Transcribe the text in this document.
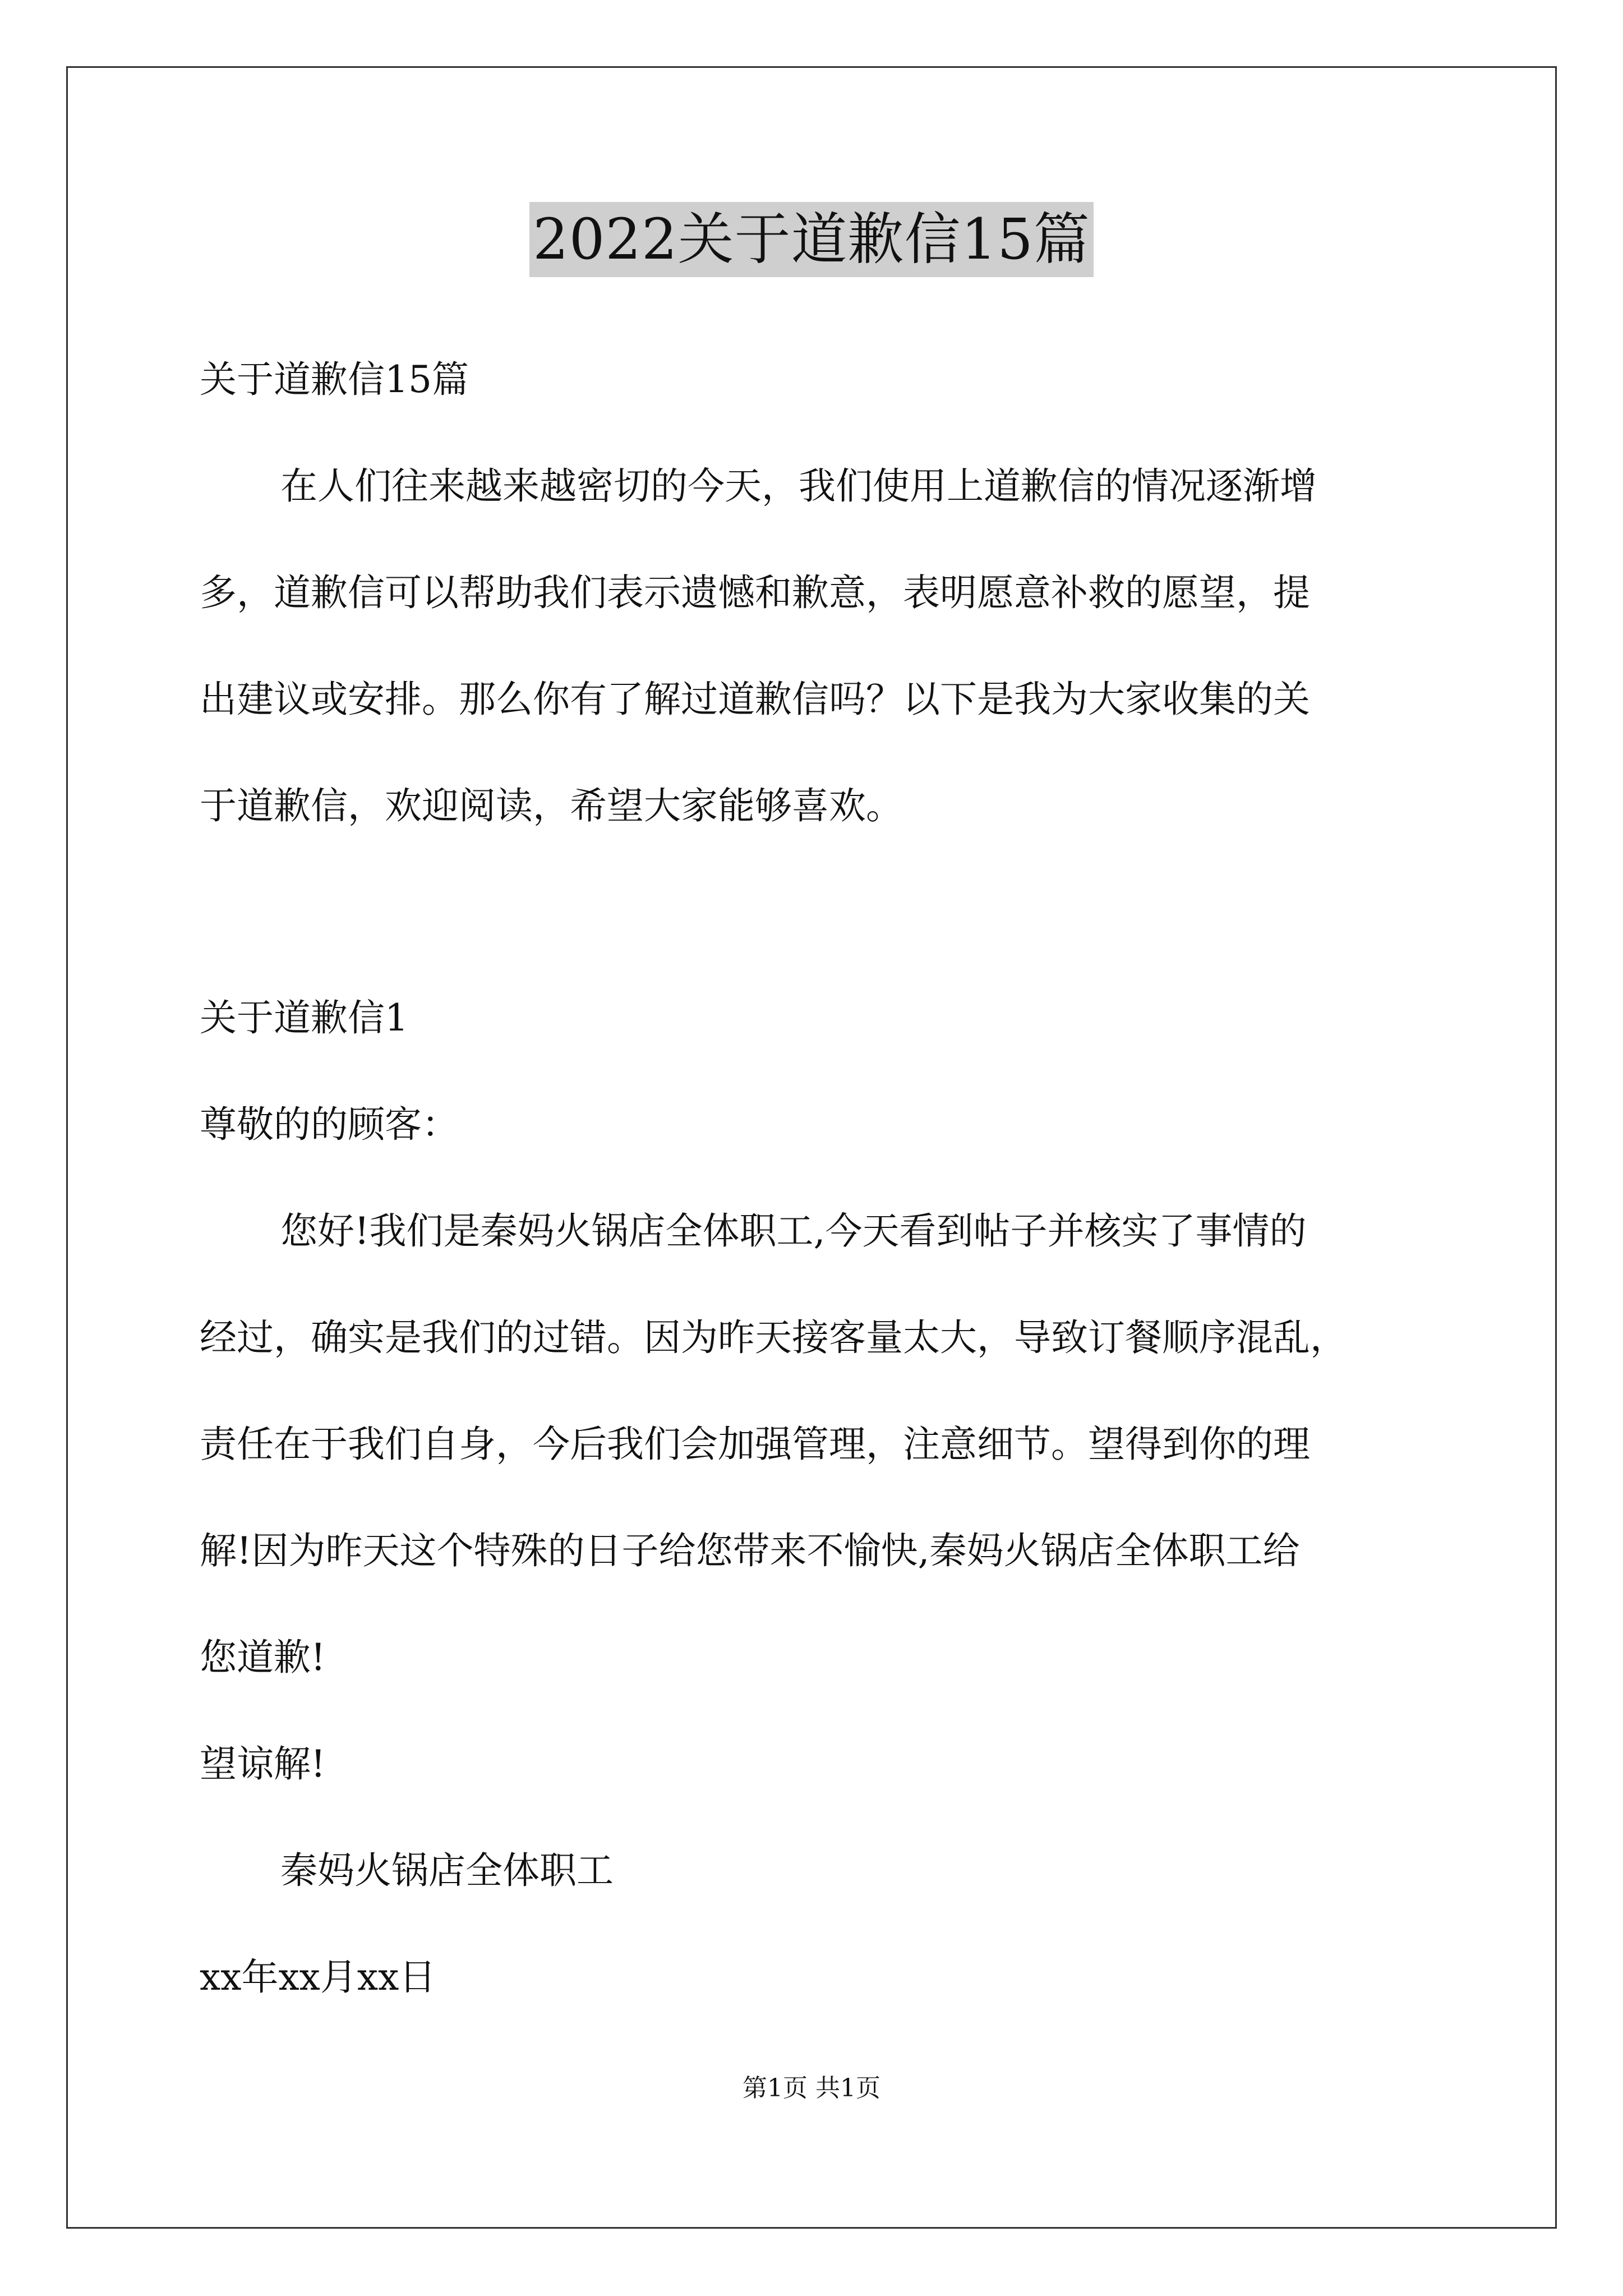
2022关于道歉信15篇
关于道歉信15篇
在人们往来越来越密切的今天，我们使用上道歉信的情况逐渐增
多，道歉信可以帮助我们表示遗憾和歉意，表明愿意补救的愿望，提
出建议或安排。那么你有了解过道歉信吗？以下是我为大家收集的关
于道歉信，欢迎阅读，希望大家能够喜欢。
关于道歉信1
尊敬的的顾客：
您好!我们是秦妈火锅店全体职工,今天看到帖子并核实了事情的
经过，确实是我们的过错。因为昨天接客量太大，导致订餐顺序混乱，
责任在于我们自身，今后我们会加强管理，注意细节。望得到你的理
解!因为昨天这个特殊的日子给您带来不愉快,秦妈火锅店全体职工给
您道歉!
望谅解!
秦妈火锅店全体职工
xx年xx月xx日
第1页 共1页
